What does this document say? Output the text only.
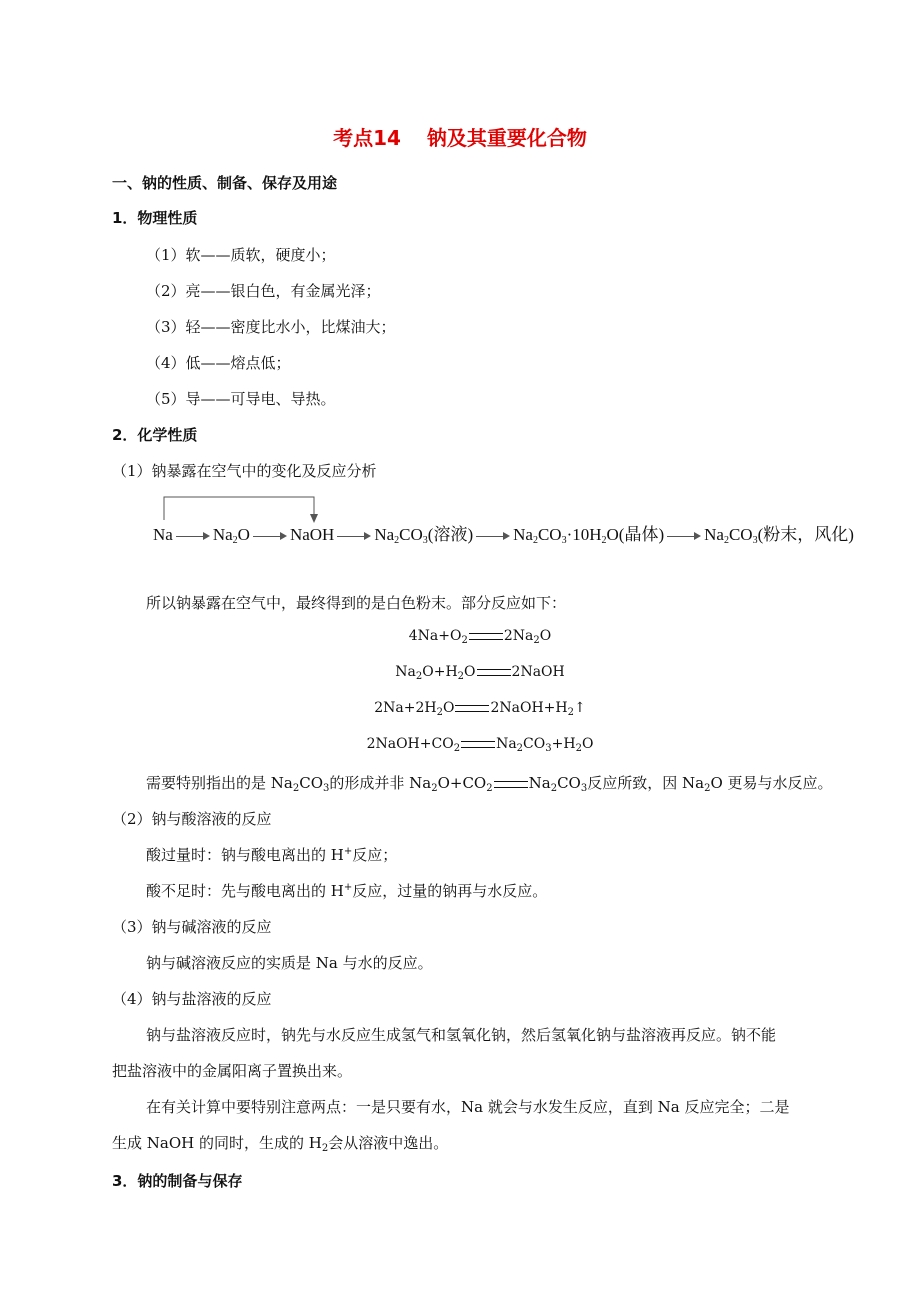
考点14 钠及其重要化合物
一、钠的性质、制备、保存及用途
1．物理性质
（1）软——质软，硬度小；
（2）亮——银白色，有金属光泽；
（3）轻——密度比水小，比煤油大；
（4）低——熔点低；
（5）导——可导电、导热。
2．化学性质
（1）钠暴露在空气中的变化及反应分析
Na $Na_2O$ NaOH $Na_2CO_3$(溶液) $Na_2CO_3\cdot 10H_2O$(晶体) $Na_2CO_3$(粉末，风化)
所以钠暴露在空气中，最终得到的是白色粉末。部分反应如下：
$4Na+O_2$	$2Na_2O$
$Na_2O+H_2O$	2NaOH
$2Na+2H_2O$	$2NaOH+H_2↑$
$2NaOH+CO_2$	$Na_2CO_3+H_2O$
需要特别指出的是 $Na_2CO_3$的形成并非 $Na_2O+CO_2$ $Na_2CO_3$反应所致，因 $Na_2O$ 更易与水反应。
（2）钠与酸溶液的反应
酸过量时：钠与酸电离出的 H+反应；
酸不足时：先与酸电离出的 H+反应，过量的钠再与水反应。
（3）钠与碱溶液的反应
钠与碱溶液反应的实质是 Na 与水的反应。
（4）钠与盐溶液的反应
钠与盐溶液反应时，钠先与水反应生成氢气和氢氧化钠，然后氢氧化钠与盐溶液再反应。钠不能
把盐溶液中的金属阳离子置换出来。
在有关计算中要特别注意两点：一是只要有水，Na 就会与水发生反应，直到 Na 反应完全；二是
生成 NaOH 的同时，生成的 $H_2$会从溶液中逸出。
3．钠的制备与保存
